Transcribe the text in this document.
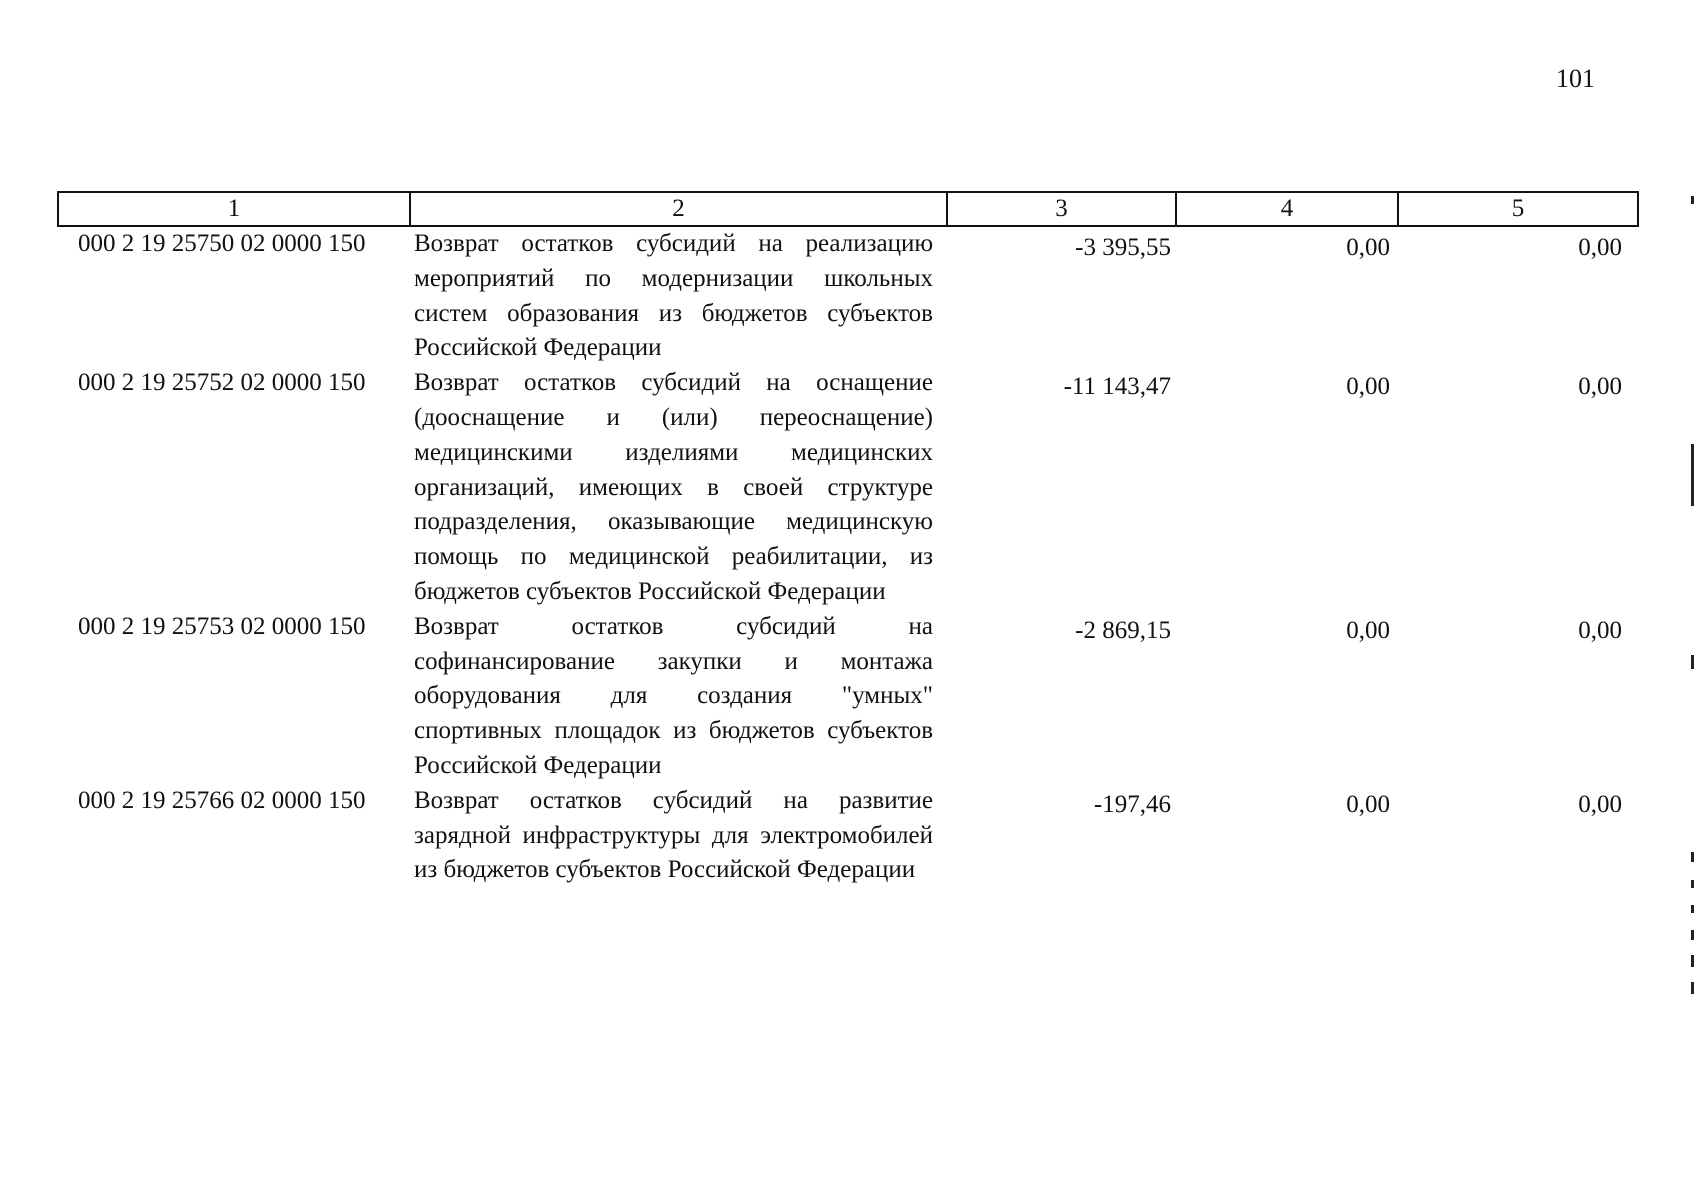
101
1	2	3	4	5
000 2 19 25750 02 0000 150	Возврат остатков субсидий на реализацию мероприятий по модернизации школьных систем образования из бюджетов субъектов Российской Федерации	-3 395,55	0,00	0,00
000 2 19 25752 02 0000 150	Возврат остатков субсидий на оснащение (дооснащение и (или) переоснащение) медицинскими изделиями медицинских организаций, имеющих в своей структуре подразделения, оказывающие медицинскую помощь по медицинской реабилитации, из бюджетов субъектов Российской Федерации	-11 143,47	0,00	0,00
000 2 19 25753 02 0000 150	Возврат остатков субсидий на софинансирование закупки и монтажа оборудования для создания "умных" спортивных площадок из бюджетов субъектов Российской Федерации	-2 869,15	0,00	0,00
000 2 19 25766 02 0000 150	Возврат остатков субсидий на развитие зарядной инфраструктуры для электромобилей из бюджетов субъектов Российской Федерации	-197,46	0,00	0,00
